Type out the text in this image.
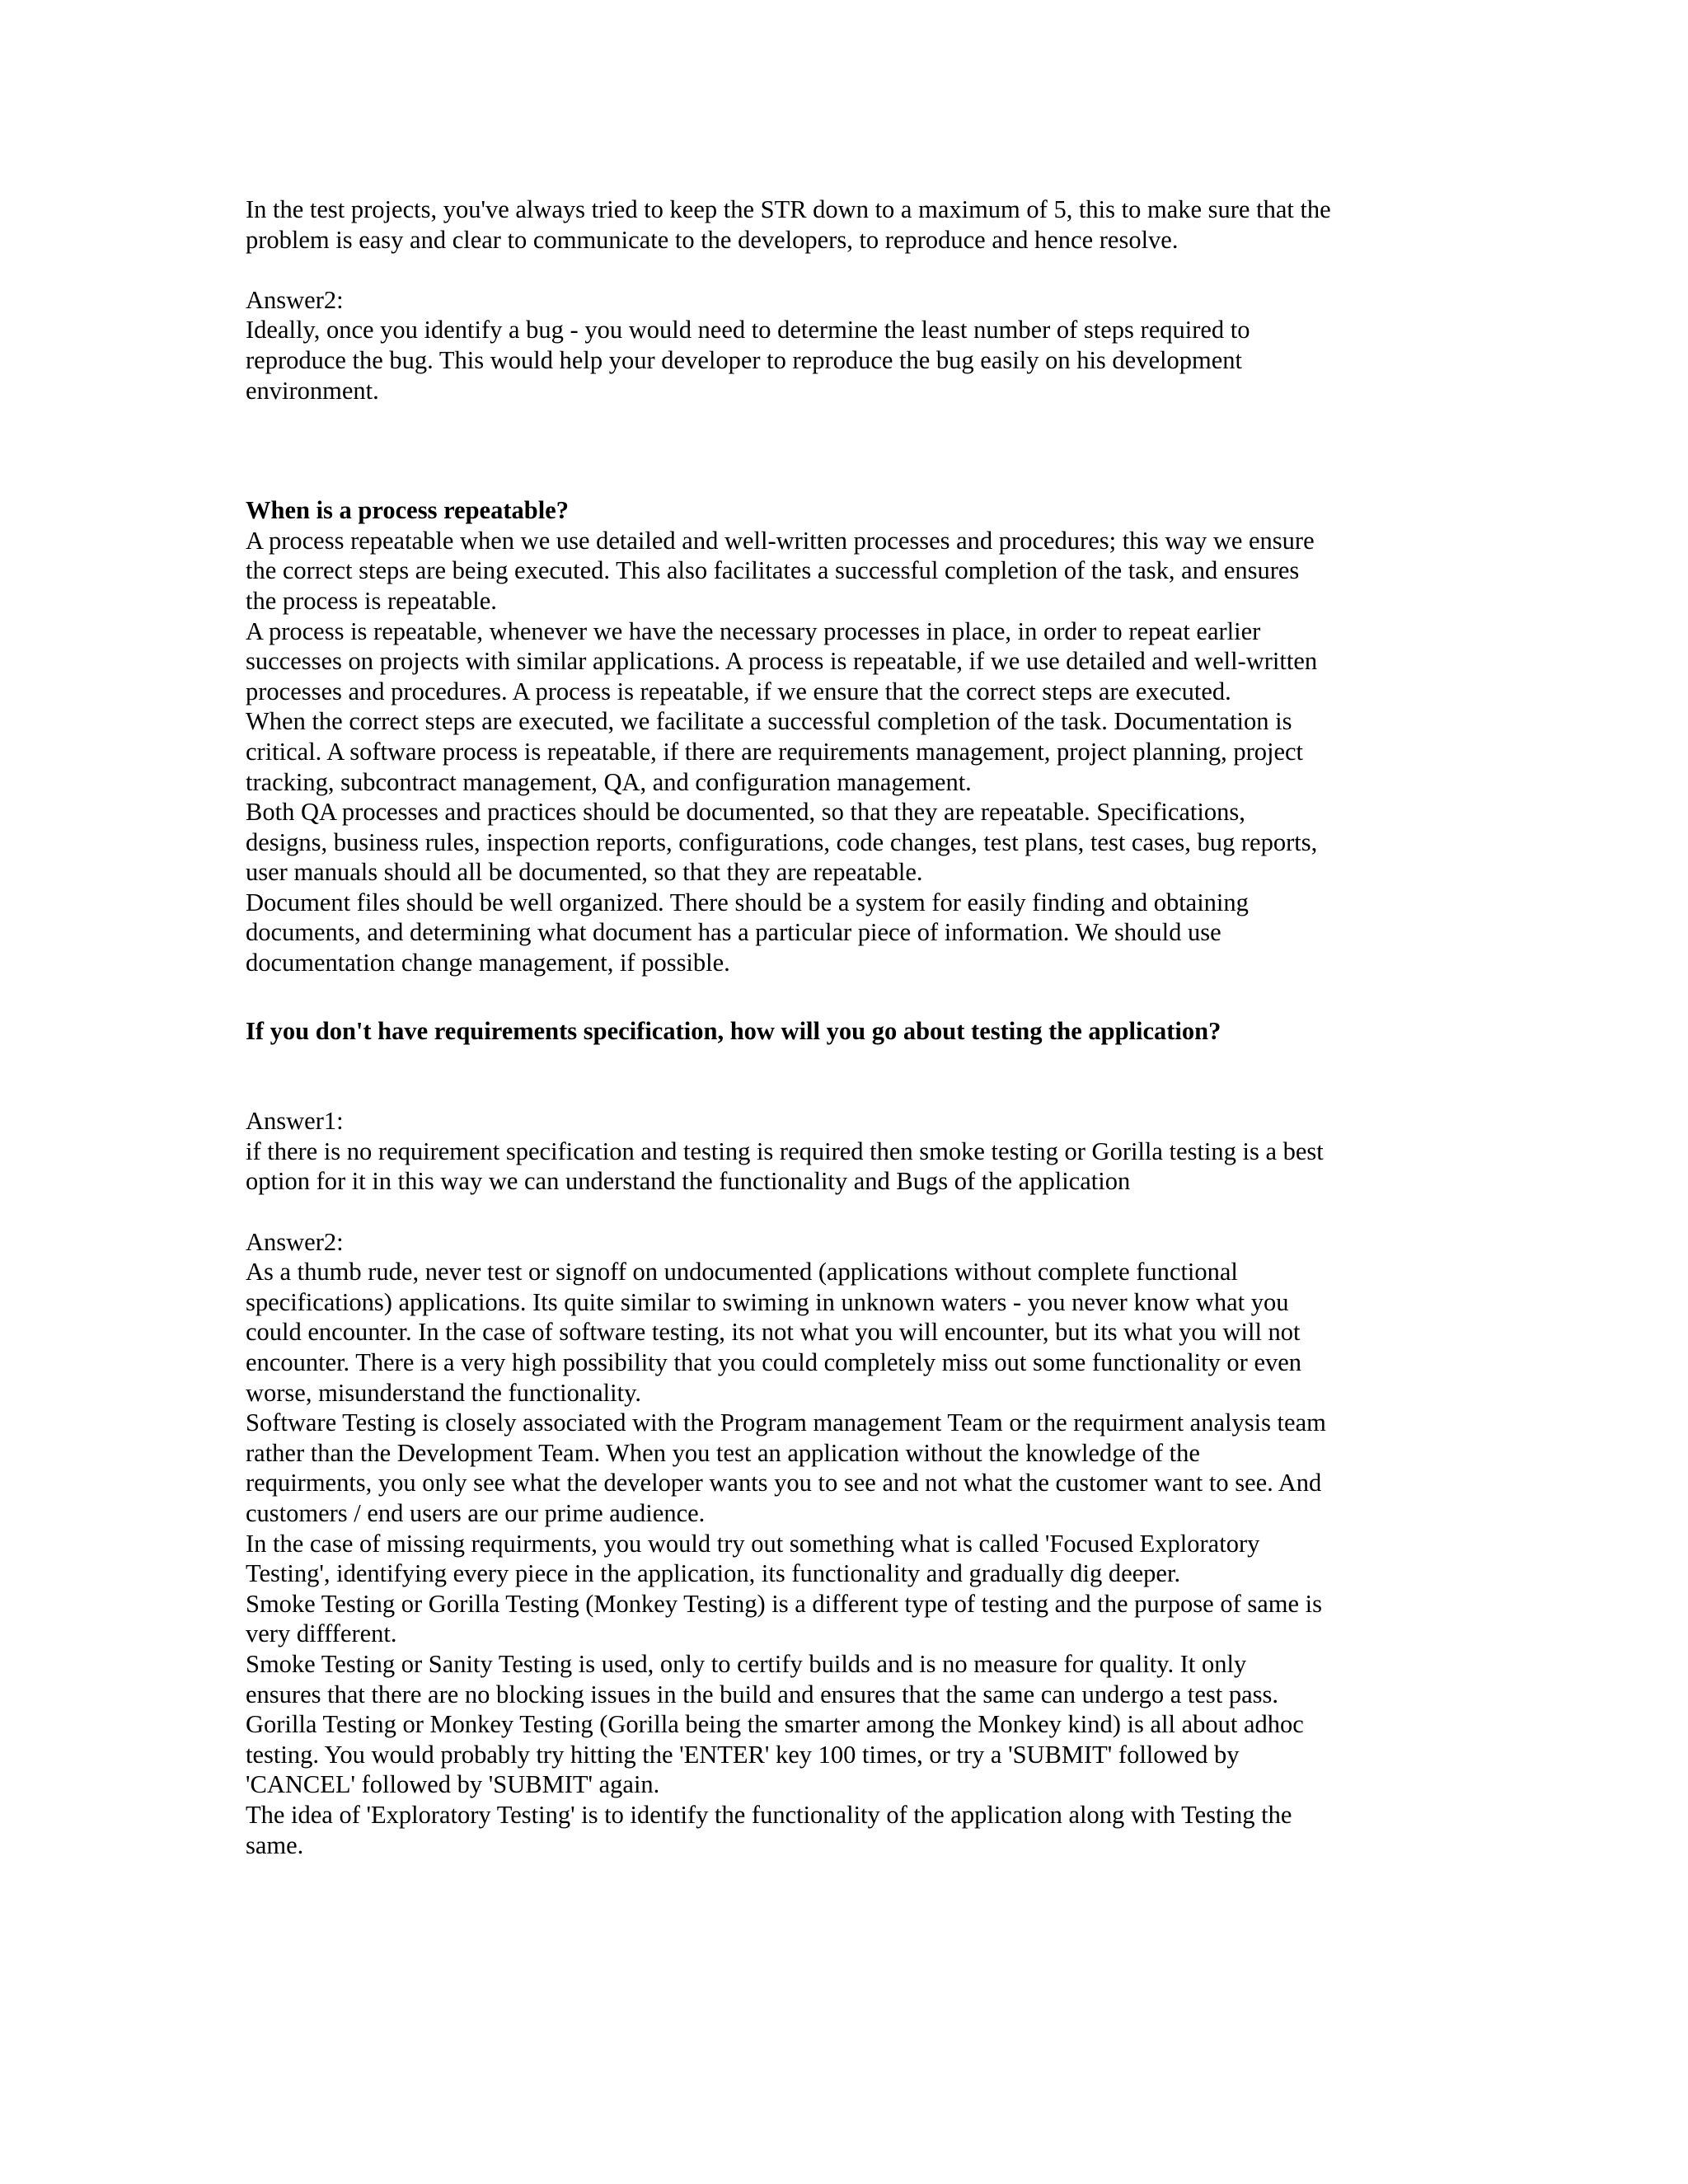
In the test projects, you've always tried to keep the STR down to a maximum of 5, this to make sure that the
problem is easy and clear to communicate to the developers, to reproduce and hence resolve.
Answer2:
Ideally, once you identify a bug - you would need to determine the least number of steps required to
reproduce the bug. This would help your developer to reproduce the bug easily on his development
environment.
When is a process repeatable?
A process repeatable when we use detailed and well-written processes and procedures; this way we ensure
the correct steps are being executed. This also facilitates a successful completion of the task, and ensures
the process is repeatable.
A process is repeatable, whenever we have the necessary processes in place, in order to repeat earlier
successes on projects with similar applications. A process is repeatable, if we use detailed and well-written
processes and procedures. A process is repeatable, if we ensure that the correct steps are executed.
When the correct steps are executed, we facilitate a successful completion of the task. Documentation is
critical. A software process is repeatable, if there are requirements management, project planning, project
tracking, subcontract management, QA, and configuration management.
Both QA processes and practices should be documented, so that they are repeatable. Specifications,
designs, business rules, inspection reports, configurations, code changes, test plans, test cases, bug reports,
user manuals should all be documented, so that they are repeatable.
Document files should be well organized. There should be a system for easily finding and obtaining
documents, and determining what document has a particular piece of information. We should use
documentation change management, if possible.
If you don't have requirements specification, how will you go about testing the application?
Answer1:
if there is no requirement specification and testing is required then smoke testing or Gorilla testing is a best
option for it in this way we can understand the functionality and Bugs of the application
Answer2:
As a thumb rude, never test or signoff on undocumented (applications without complete functional
specifications) applications. Its quite similar to swiming in unknown waters - you never know what you
could encounter. In the case of software testing, its not what you will encounter, but its what you will not
encounter. There is a very high possibility that you could completely miss out some functionality or even
worse, misunderstand the functionality.
Software Testing is closely associated with the Program management Team or the requirment analysis team
rather than the Development Team. When you test an application without the knowledge of the
requirments, you only see what the developer wants you to see and not what the customer want to see. And
customers / end users are our prime audience.
In the case of missing requirments, you would try out something what is called 'Focused Exploratory
Testing', identifying every piece in the application, its functionality and gradually dig deeper.
Smoke Testing or Gorilla Testing (Monkey Testing) is a different type of testing and the purpose of same is
very diffferent.
Smoke Testing or Sanity Testing is used, only to certify builds and is no measure for quality. It only
ensures that there are no blocking issues in the build and ensures that the same can undergo a test pass.
Gorilla Testing or Monkey Testing (Gorilla being the smarter among the Monkey kind) is all about adhoc
testing. You would probably try hitting the 'ENTER' key 100 times, or try a 'SUBMIT' followed by
'CANCEL' followed by 'SUBMIT' again.
The idea of 'Exploratory Testing' is to identify the functionality of the application along with Testing the
same.
